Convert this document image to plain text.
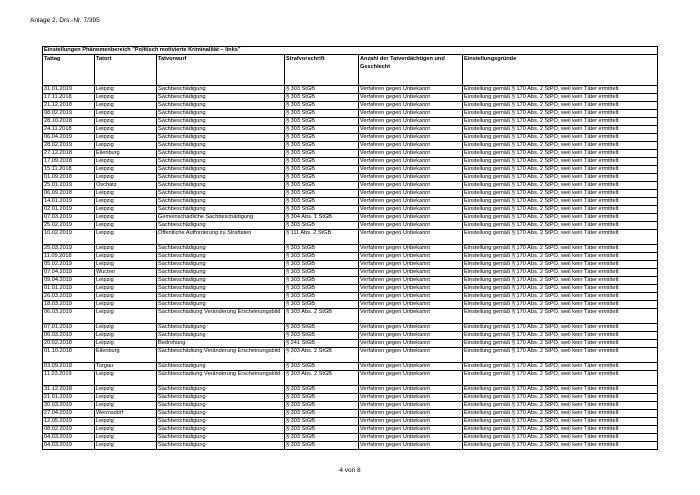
Anlage 2, Drs.-Nr. 7/395
Einstellungen Phänomenbereich "Politisch motivierte Kriminalität – links"					
Tattag	Tatort	Tatvorwurf	Strafvorschrift	Anzahl der Tatverdächtigen und Geschlecht	Einstellungsgründe
31.01.2019	Leipzig	Sachbeschädigung	§ 303 StGB	Verfahren gegen Unbekannt	Einstellung gemäß § 170 Abs. 2 StPO, weil kein Täter ermittelt
17.11.2018	Leipzig	Sachbeschädigung	§ 303 StGB	Verfahren gegen Unbekannt	Einstellung gemäß § 170 Abs. 2 StPO, weil kein Täter ermittelt
21.12.2018	Leipzig	Sachbeschädigung	§ 303 StGB	Verfahren gegen Unbekannt	Einstellung gemäß § 170 Abs. 2 StPO, weil kein Täter ermittelt
08.02.2019	Leipzig	Sachbeschädigung	§ 303 StGB	Verfahren gegen Unbekannt	Einstellung gemäß § 170 Abs. 2 StPO, weil kein Täter ermittelt
28.10.2018	Leipzig	Sachbeschädigung	§ 303 StGB	Verfahren gegen Unbekannt	Einstellung gemäß § 170 Abs. 2 StPO, weil kein Täter ermittelt
24.11.2018	Leipzig	Sachbeschädigung	§ 303 StGB	Verfahren gegen Unbekannt	Einstellung gemäß § 170 Abs. 2 StPO, weil kein Täter ermittelt
06.04.2019	Leipzig	Sachbeschädigung	§ 303 StGB	Verfahren gegen Unbekannt	Einstellung gemäß § 170 Abs. 2 StPO, weil kein Täter ermittelt
28.02.2019	Leipzig	Sachbeschädigung	§ 303 StGB	Verfahren gegen Unbekannt	Einstellung gemäß § 170 Abs. 2 StPO, weil kein Täter ermittelt
27.12.2018	Eilenburg	Sachbeschädigung	§ 303 StGB	Verfahren gegen Unbekannt	Einstellung gemäß § 170 Abs. 2 StPO, weil kein Täter ermittelt
17.09.2018	Leipzig	Sachbeschädigung	§ 303 StGB	Verfahren gegen Unbekannt	Einstellung gemäß § 170 Abs. 2 StPO, weil kein Täter ermittelt
15.11.2018	Leipzig	Sachbeschädigung	§ 303 StGB	Verfahren gegen Unbekannt	Einstellung gemäß § 170 Abs. 2 StPO, weil kein Täter ermittelt
01.09.2018	Leipzig	Sachbeschädigung	§ 303 StGB	Verfahren gegen Unbekannt	Einstellung gemäß § 170 Abs. 2 StPO, weil kein Täter ermittelt
25.01.2019	Oschatz	Sachbeschädigung	§ 303 StGB	Verfahren gegen Unbekannt	Einstellung gemäß § 170 Abs. 2 StPO, weil kein Täter ermittelt
06.09.2018	Leipzig	Sachbeschädigung	§ 303 StGB	Verfahren gegen Unbekannt	Einstellung gemäß § 170 Abs. 2 StPO, weil kein Täter ermittelt
14.01.2019	Leipzig	Sachbeschädigung	§ 303 StGB	Verfahren gegen Unbekannt	Einstellung gemäß § 170 Abs. 2 StPO, weil kein Täter ermittelt
02.01.2019	Leipzig	Sachbeschädigung	§ 303 StGB	Verfahren gegen Unbekannt	Einstellung gemäß § 170 Abs. 2 StPO, weil kein Täter ermittelt
07.03.2019	Leipzig	Gemeinschädliche Sachbeschädigung	§ 304 Abs. 1 StGB	Verfahren gegen Unbekannt	Einstellung gemäß § 170 Abs. 2 StPO, weil kein Täter ermittelt
25.02.2019	Leipzig	Sachbeschädigung	§ 303 StGB	Verfahren gegen Unbekannt	Einstellung gemäß § 170 Abs. 2 StPO, weil kein Täter ermittelt
10.02.2019	Leipzig	Öffentliche Aufforderung zu Straftaten	§ 111 Abs. 2 StGB	Verfahren gegen Unbekannt	Einstellung gemäß § 170 Abs. 2 StPO, weil kein Täter ermittelt
25.03.2019	Leipzig	Sachbeschädigung	§ 303 StGB	Verfahren gegen Unbekannt	Einstellung gemäß § 170 Abs. 2 StPO, weil kein Täter ermittelt
11.09.2018	Leipzig	Sachbeschädigung	§ 303 StGB	Verfahren gegen Unbekannt	Einstellung gemäß § 170 Abs. 2 StPO, weil kein Täter ermittelt
05.02.2019	Leipzig	Sachbeschädigung	§ 303 StGB	Verfahren gegen Unbekannt	Einstellung gemäß § 170 Abs. 2 StPO, weil kein Täter ermittelt
07.04.2019	Wurzen	Sachbeschädigung	§ 303 StGB	Verfahren gegen Unbekannt	Einstellung gemäß § 170 Abs. 2 StPO, weil kein Täter ermittelt
09.04.2019	Leipzig	Sachbeschädigung	§ 303 StGB	Verfahren gegen Unbekannt	Einstellung gemäß § 170 Abs. 2 StPO, weil kein Täter ermittelt
01.01.2019	Leipzig	Sachbeschädigung	§ 303 StGB	Verfahren gegen Unbekannt	Einstellung gemäß § 170 Abs. 2 StPO, weil kein Täter ermittelt
26.03.2019	Leipzig	Sachbeschädigung	§ 303 StGB	Verfahren gegen Unbekannt	Einstellung gemäß § 170 Abs. 2 StPO, weil kein Täter ermittelt
18.03.2019	Leipzig	Sachbeschädigung	§ 303 StGB	Verfahren gegen Unbekannt	Einstellung gemäß § 170 Abs. 2 StPO, weil kein Täter ermittelt
06.03.2019	Leipzig	Sachbeschädiung Veränderung Erscheinungsbild	§ 303 Abs. 2 StGB	Verfahren gegen Unbekannt	Einstellung gemäß § 170 Abs. 2 StPO, weil kein Täter ermittelt
07.01.2019	Leipzig	Sachbeschädigung	§ 303 StGB	Verfahren gegen Unbekannt	Einstellung gemäß § 170 Abs. 2 StPO, weil kein Täter ermittelt
06.03.2019	Leipzig	Sachbeschädigung	§ 303 StGB	Verfahren gegen Unbekannt	Einstellung gemäß § 170 Abs. 2 StPO, weil kein Täter ermittelt
20.02.2018	Leipzig	Bedrohung	§ 241 StGB	Verfahren gegen Unbekannt	Einstellung gemäß § 170 Abs. 2 StPO, weil kein Täter ermittelt
01.10.2018	Eilenburg	Sachbeschädiung Veränderung Erscheinungsbild	§ 303 Abs. 2 StGB	Verfahren gegen Unbekannt	Einstellung gemäß § 170 Abs. 2 StPO, weil kein Täter ermittelt
03.09.2018	Torgau	Sachbeschädigung	§ 303 StGB	Verfahren gegen Unbekannt	Einstellung gemäß § 170 Abs. 2 StPO, weil kein Täter ermittelt
11.03.2019	Leipzig	Sachbeschädiung Veränderung Erscheinungsbild	§ 303 Abs. 2 StGB	Verfahren gegen Unbekannt	Einstellung gemäß § 170 Abs. 2 StPO, weil kein Täter ermittelt
31.12.2018	Leipzig	Sachbeschädigung	§ 303 StGB	Verfahren gegen Unbekannt	Einstellung gemäß § 170 Abs. 2 StPO, weil kein Täter ermittelt
21.01.2019	Leipzig	Sachbeschädigung	§ 303 StGB	Verfahren gegen Unbekannt	Einstellung gemäß § 170 Abs. 2 StPO, weil kein Täter ermittelt
30.03.2019	Leipzig	Sachbeschädigung	§ 303 StGB	Verfahren gegen Unbekannt	Einstellung gemäß § 170 Abs. 2 StPO, weil kein Täter ermittelt
27.04.2019	Wermsdorf	Sachbeschädigung	§ 303 StGB	Verfahren gegen Unbekannt	Einstellung gemäß § 170 Abs. 2 StPO, weil kein Täter ermittelt
12.05.2019	Leipzig	Sachbeschädigung	§ 303 StGB	Verfahren gegen Unbekannt	Einstellung gemäß § 170 Abs. 2 StPO, weil kein Täter ermittelt
08.02.2019	Leipzig	Sachbeschädigung	§ 303 StGB	Verfahren gegen Unbekannt	Einstellung gemäß § 170 Abs. 2 StPO, weil kein Täter ermittelt
04.03.2019	Leipzig	Sachbeschädigung	§ 303 StGB	Verfahren gegen Unbekannt	Einstellung gemäß § 170 Abs. 2 StPO, weil kein Täter ermittelt
04.03.2019	Leipzig	Sachbeschädigung	§ 303 StGB	Verfahren gegen Unbekannt	Einstellung gemäß § 170 Abs. 2 StPO, weil kein Täter ermittelt
4 von 8
